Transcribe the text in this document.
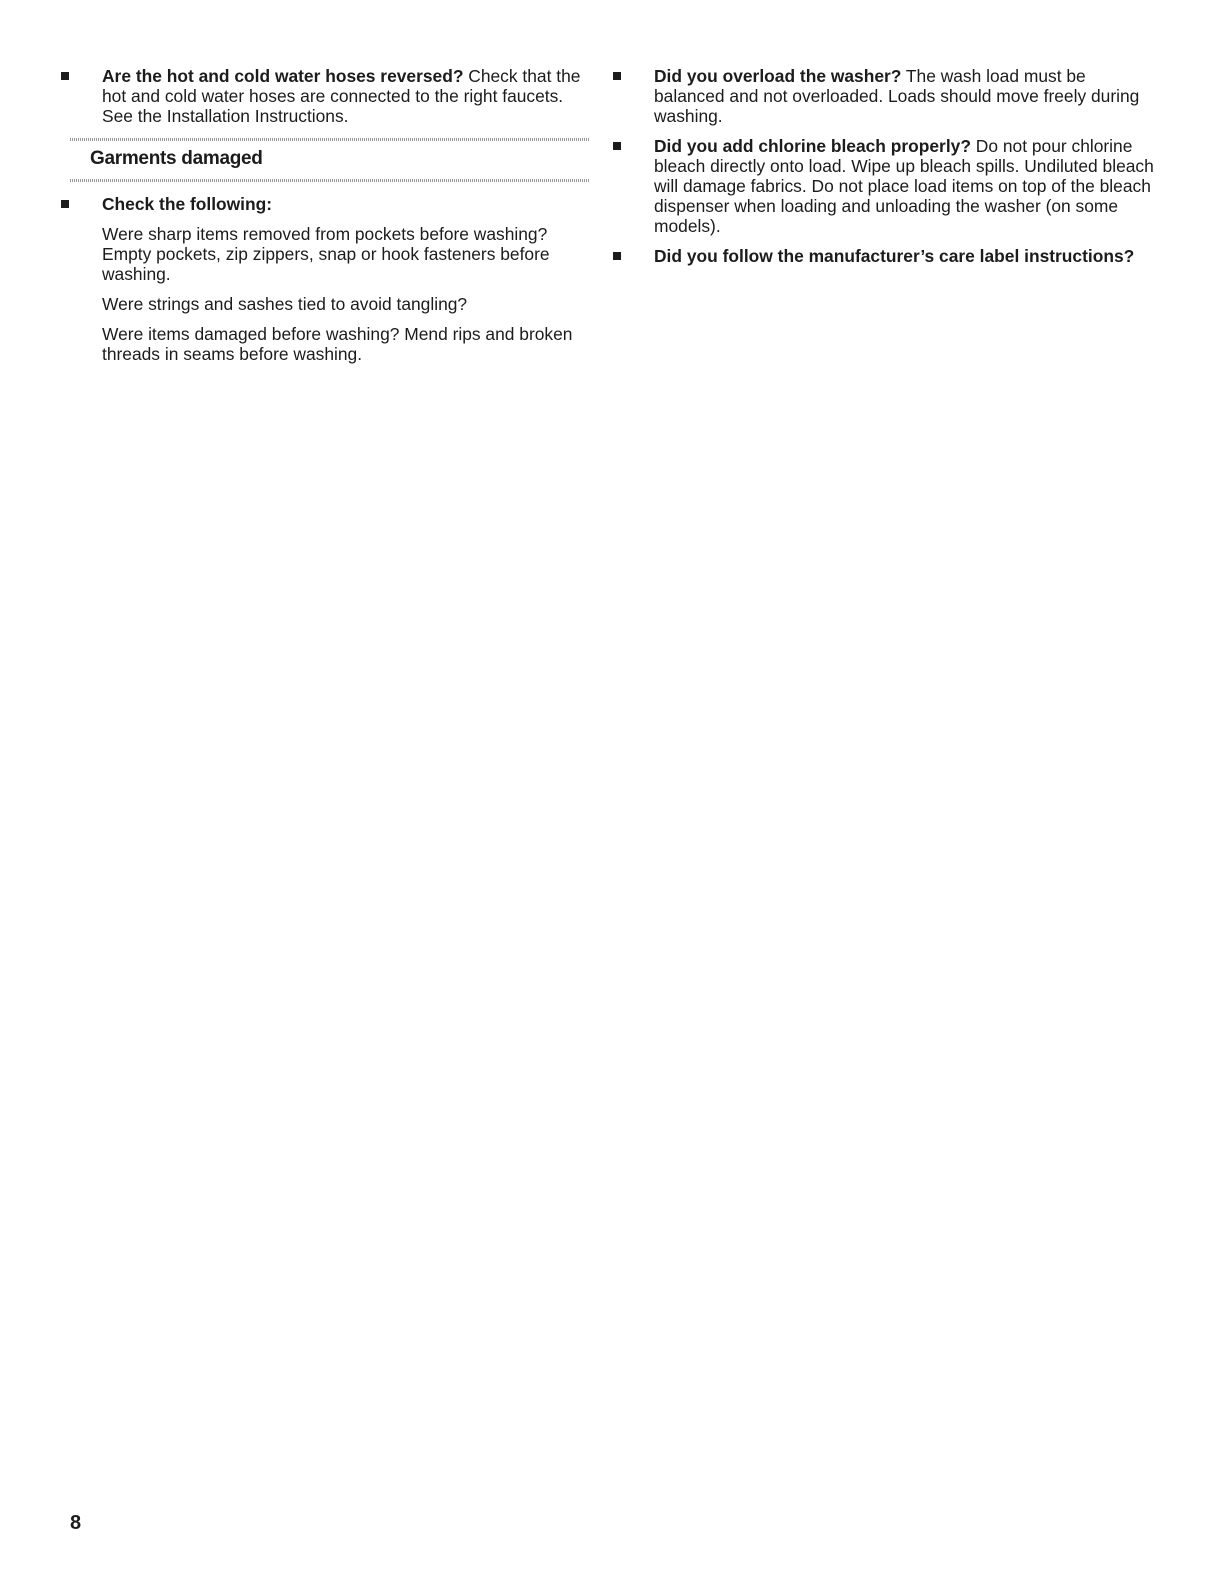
Are the hot and cold water hoses reversed? Check that the hot and cold water hoses are connected to the right faucets. See the Installation Instructions.
Garments damaged
Check the following:
Were sharp items removed from pockets before washing? Empty pockets, zip zippers, snap or hook fasteners before washing.
Were strings and sashes tied to avoid tangling?
Were items damaged before washing? Mend rips and broken threads in seams before washing.
Did you overload the washer? The wash load must be balanced and not overloaded. Loads should move freely during washing.
Did you add chlorine bleach properly? Do not pour chlorine bleach directly onto load. Wipe up bleach spills. Undiluted bleach will damage fabrics. Do not place load items on top of the bleach dispenser when loading and unloading the washer (on some models).
Did you follow the manufacturer’s care label instructions?
8
